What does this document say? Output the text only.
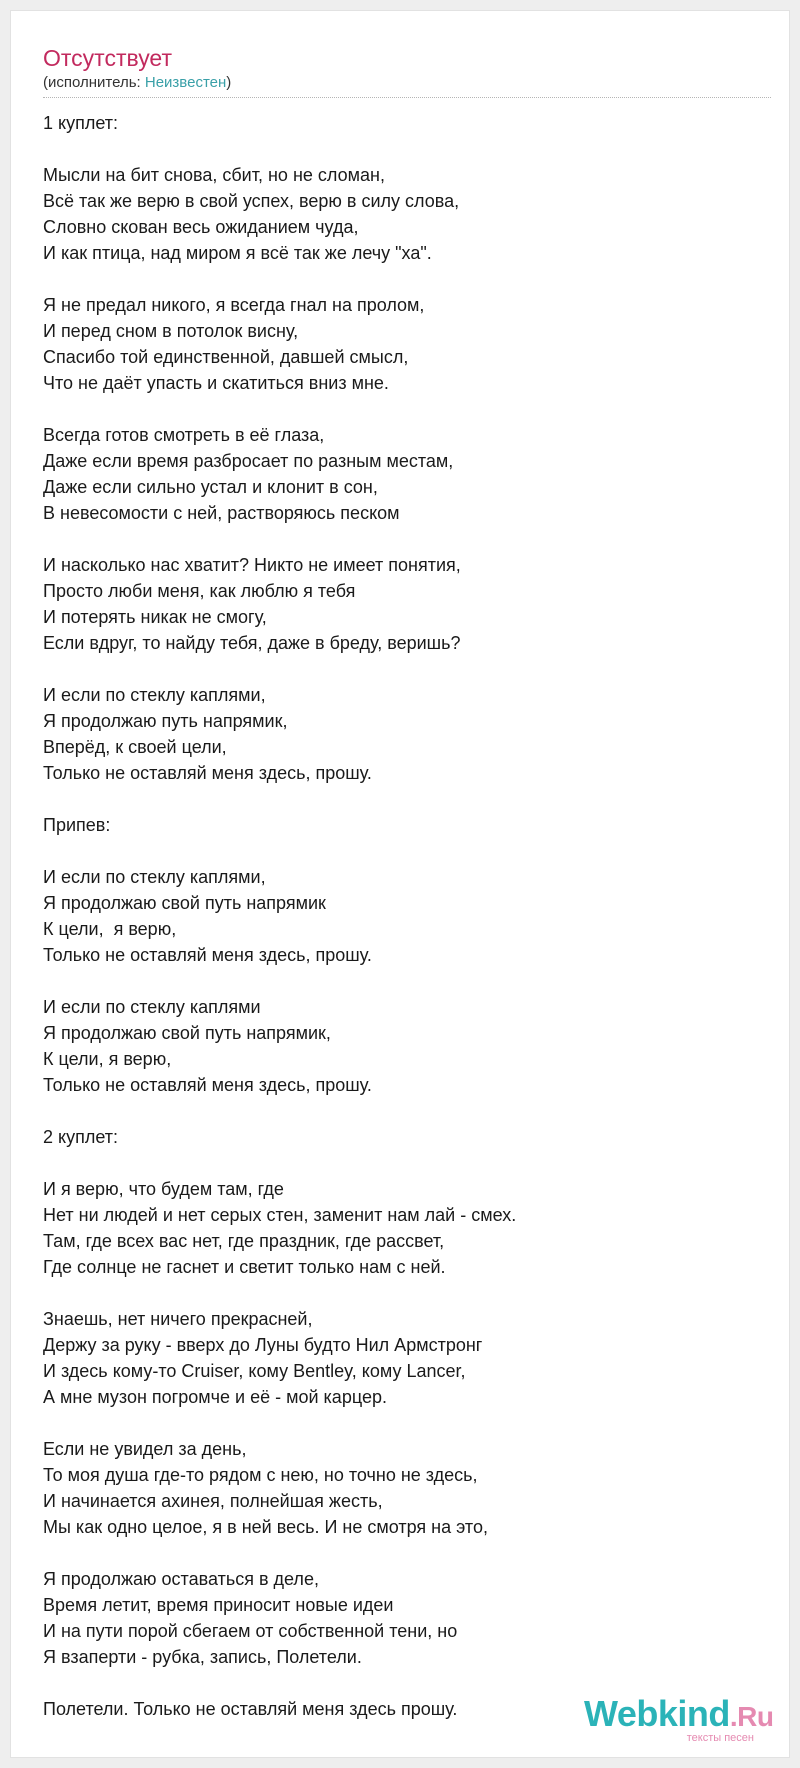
Отсутствует
(исполнитель: Неизвестен)
1 куплет:
Мысли на бит снова, сбит, но не сломан,
Всё так же верю в свой успех, верю в силу слова,
Словно скован весь ожиданием чуда,
И как птица, над миром я всё так же лечу "ха".
Я не предал никого, я всегда гнал на пролом,
И перед сном в потолок висну,
Спасибо той единственной, давшей смысл,
Что не даёт упасть и скатиться вниз мне.
Всегда готов смотреть в её глаза,
Даже если время разбросает по разным местам,
Даже если сильно устал и клонит в сон,
В невесомости с ней, растворяюсь песком
И насколько нас хватит? Никто не имеет понятия,
Просто люби меня, как люблю я тебя
И потерять никак не смогу,
Если вдруг, то найду тебя, даже в бреду, веришь?
И если по стеклу каплями,
Я продолжаю путь напрямик,
Вперёд, к своей цели,
Только не оставляй меня здесь, прошу.
Припев:
И если по стеклу каплями,
Я продолжаю свой путь напрямик
К цели,  я верю,
Только не оставляй меня здесь, прошу.
И если по стеклу каплями
Я продолжаю свой путь напрямик,
К цели, я верю,
Только не оставляй меня здесь, прошу.
2 куплет:
И я верю, что будем там, где
Нет ни людей и нет серых стен, заменит нам лай - смех.
Там, где всех вас нет, где праздник, где рассвет,
Где солнце не гаснет и светит только нам с ней.
Знаешь, нет ничего прекрасней,
Держу за руку - вверх до Луны будто Нил Армстронг
И здесь кому-то Cruiser, кому Bentley, кому Lancer,
А мне музон погромче и её - мой карцер.
Если не увидел за день,
То моя душа где-то рядом с нею, но точно не здесь,
И начинается ахинея, полнейшая жесть,
Мы как одно целое, я в ней весь. И не смотря на это,
Я продолжаю оставаться в деле,
Время летит, время приносит новые идеи
И на пути порой сбегаем от собственной тени, но
Я взаперти - рубка, запись, Полетели.
Полетели. Только не оставляй меня здесь прошу.	Webkind.Ru
тексты песен
